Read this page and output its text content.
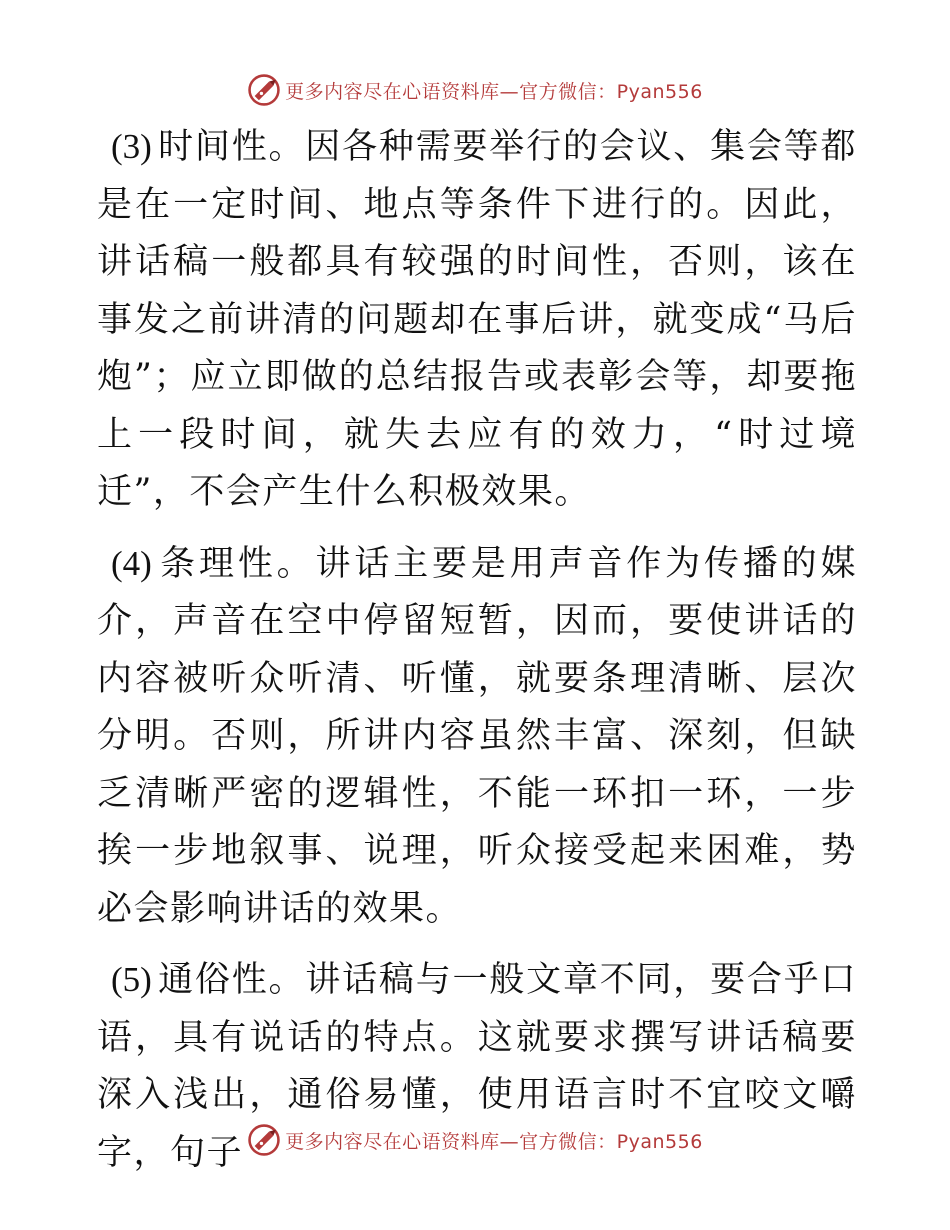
更多内容尽在心语资料库—官方微信：Pyan556

(3) 时间性。因各种需要举行的会议、集会等都是在一定时间、地点等条件下进行的。因此，讲话稿一般都具有较强的时间性，否则，该在事发之前讲清的问题却在事后讲，就变成“马后炮”；应立即做的总结报告或表彰会等，却要拖上一段时间，就失去应有的效力，“时过境迁”，不会产生什么积极效果。

(4) 条理性。讲话主要是用声音作为传播的媒介，声音在空中停留短暂，因而，要使讲话的内容被听众听清、听懂，就要条理清晰、层次分明。否则，所讲内容虽然丰富、深刻，但缺乏清晰严密的逻辑性，不能一环扣一环，一步挨一步地叙事、说理，听众接受起来困难，势必会影响讲话的效果。

(5) 通俗性。讲话稿与一般文章不同，要合乎口语，具有说话的特点。这就要求撰写讲话稿要深入浅出，通俗易懂，使用语言时不宜咬文嚼字，句子	更多内容尽在心语资料库—官方微信：Pyan556
